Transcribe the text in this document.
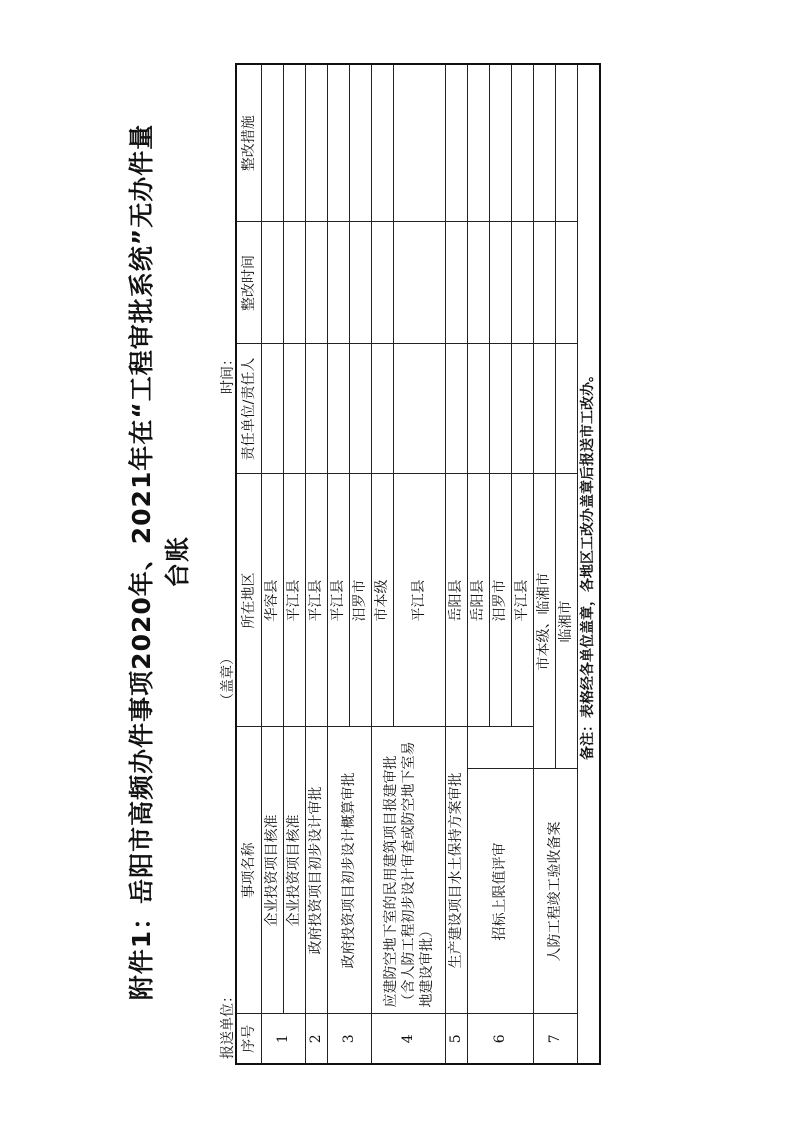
附件1：岳阳市高频办件事项2020年、2021年在“工程审批系统”无办件量 台账
报送单位：
（盖章）
时间：
序号	事项名称		所在地区	责任单位/责任人	整改时间	整改措施
1	企业投资项目核准		华容县			
	企业投资项目核准		平江县			
2	政府投资项目初步设计审批		平江县			
3	政府投资项目初步设计概算审批		平江县			
			汨罗市			
4	应建防空地下室的民用建筑项目报建审批（含人防工程初步设计审查或防空地下室易地建设审批）		市本级			
			平江县			
5	生产建设项目水土保持方案审批		岳阳县			
6	招标上限值评审		岳阳县			
			汨罗市			
			平江县			
7	人防工程竣工验收备案	市本级、临湘市				
		临湘市				
备注：表格经各单位盖章，各地区工改办盖章后报送市工改办。						
